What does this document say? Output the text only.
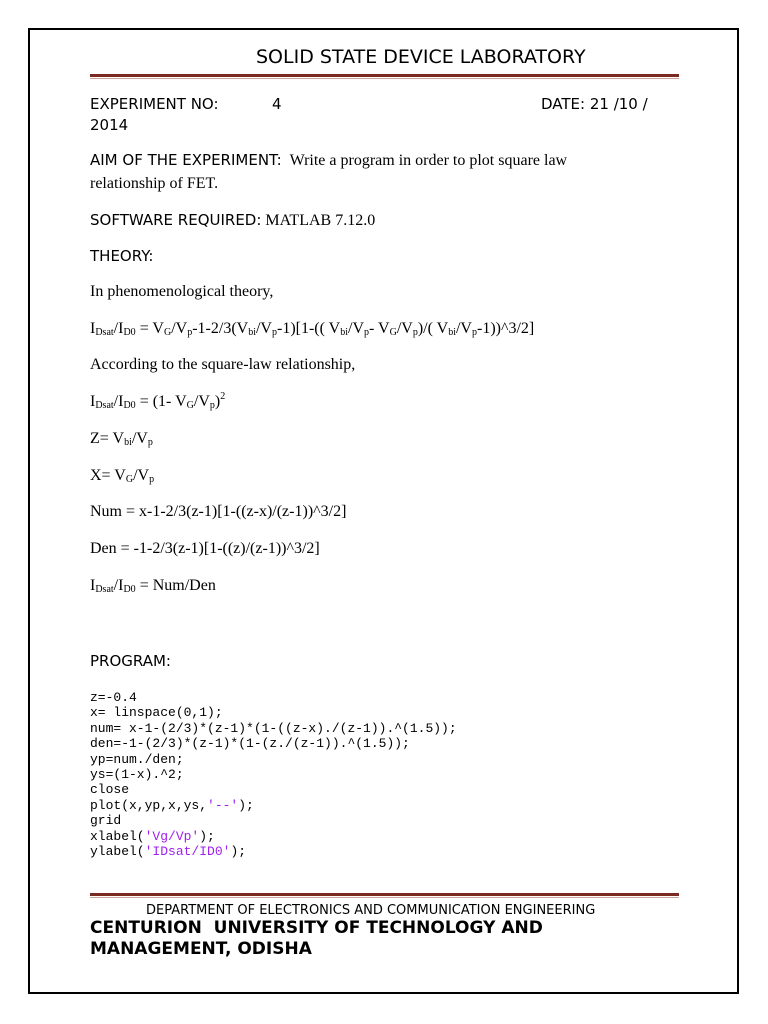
SOLID STATE DEVICE LABORATORY
EXPERIMENT NO:	4	DATE: 21 /10 /
2014
AIM OF THE EXPERIMENT: Write a program in order to plot square law
relationship of FET.
SOFTWARE REQUIRED: MATLAB 7.12.0
THEORY:
In phenomenological theory,
$I_{Dsat}/I_{D0} = V_G/V_p-1-2/3(V_{bi}/V_p-1)[1-$(( $V_{bi}/V_p-$ $V_G/V_p)/$( $V_{bi}/V_p-1))\^{}3/2$]
According to the square-law relationship,
$I_{Dsat}/I_{D0} = (1-$ $V_G/V_p)^2$
$Z= V_{bi}/V_p$
$X= V_G/V_p$
Num = x-1-2/3(z-1)[1-((z-x)/(z-1))^3/2]
Den = -1-2/3(z-1)[1-((z)/(z-1))^3/2]
$I_{Dsat}/I_{D0} = Num/Den$
PROGRAM:
z=-0.4
x= linspace(0,1);
num= x-1-(2/3)*(z-1)*(1-((z-x)./(z-1)).^(1.5));
den=-1-(2/3)*(z-1)*(1-(z./(z-1)).^(1.5));
yp=num./den;
ys=(1-x).^2;
close
plot(x,yp,x,ys,'--');
grid
xlabel('Vg/Vp');
ylabel('IDsat/ID0');
DEPARTMENT OF ELECTRONICS AND COMMUNICATION ENGINEERING
CENTURION  UNIVERSITY OF TECHNOLOGY AND
MANAGEMENT, ODISHA
